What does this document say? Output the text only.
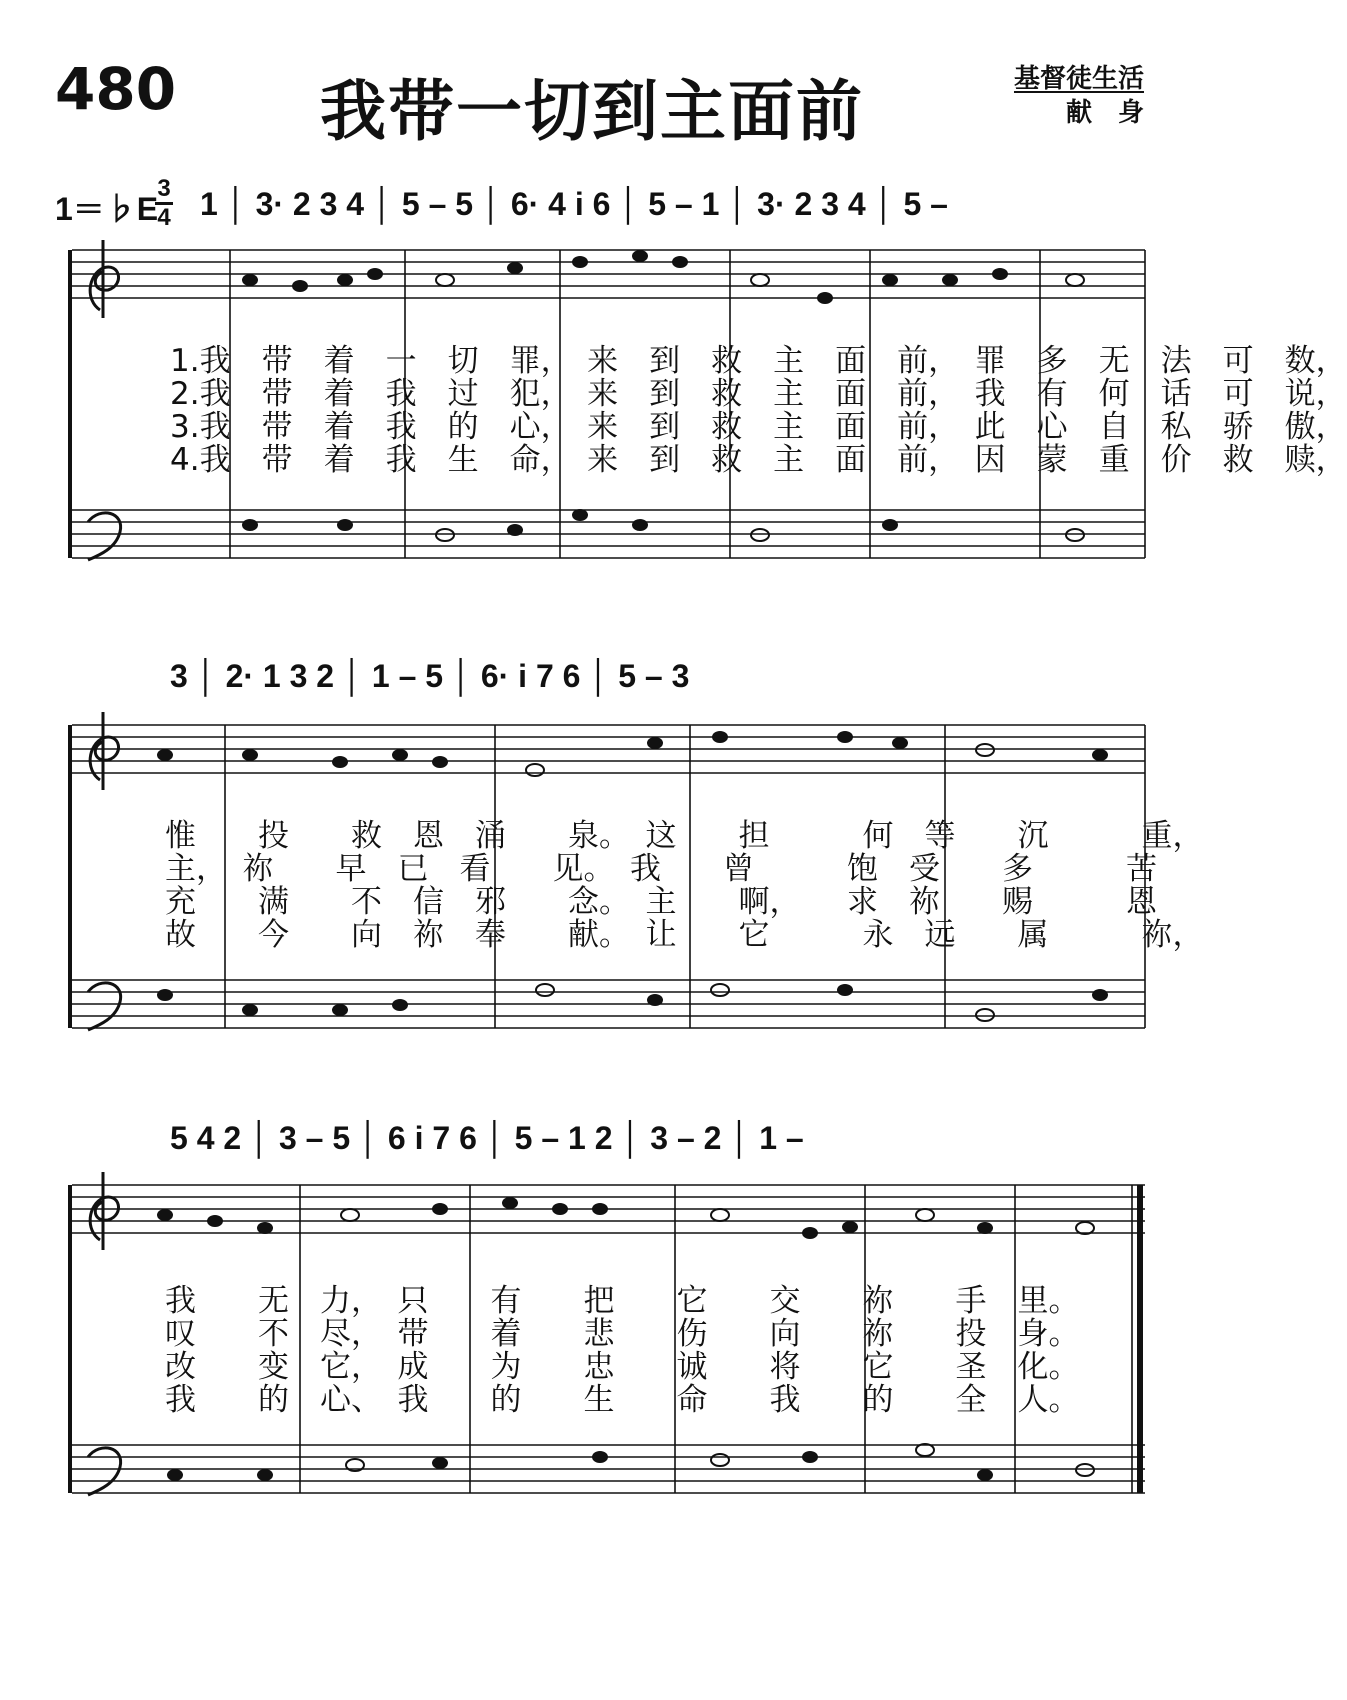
480 我带一切到主面前	基督徒生活
献　身
1＝♭E
3
4 1 │ 3· 2 3 4 │ 5 – 5 │ 6· 4 i 6 │ 5 – 1 │ 3· 2 3 4 │ 5 –
3 │ 2· 1 3 2 │ 1 – 5 │ 6· i 7 6 │ 5 – 3
5 4 2 │ 3 – 5 │ 6 i 7 6 │ 5 – 1 2 │ 3 – 2 │ 1 –
1.我　带　着　一　切　罪，　来　到　救　主　面　前，　罪　多　无　法　可　数，
2.我　带　着　我　过　犯，　来　到　救　主　面　前，　我　有　何　话　可　说，
3.我　带　着　我　的　心，　来　到　救　主　面　前，　此　心　自　私　骄　傲，
4.我　带　着　我　生　命，　来　到　救　主　面　前，　因　蒙　重　价　救　赎，
惟　　投　　救　恩　涌　　泉。　这　　担　　　何　等　　沉　　　重，
主，　祢　　早　已　看　　见。　我　　曾　　　饱　受　　多　　　苦
充　　满　　不　信　邪　　念。　主　　啊，　　求　祢　　赐　　　恩
故　　今　　向　祢　奉　　献。　让　　它　　　永　远　　属　　　祢，
我　　无　力，　只　　有　　把　　它　　交　　祢　　手　里。
叹　　不　尽，　带　　着　　悲　　伤　　向　　祢　　投　身。
改　　变　它，　成　　为　　忠　　诚　　将　　它　　圣　化。
我　　的　心、　我　　的　　生　　命　　我　　的　　全　人。
